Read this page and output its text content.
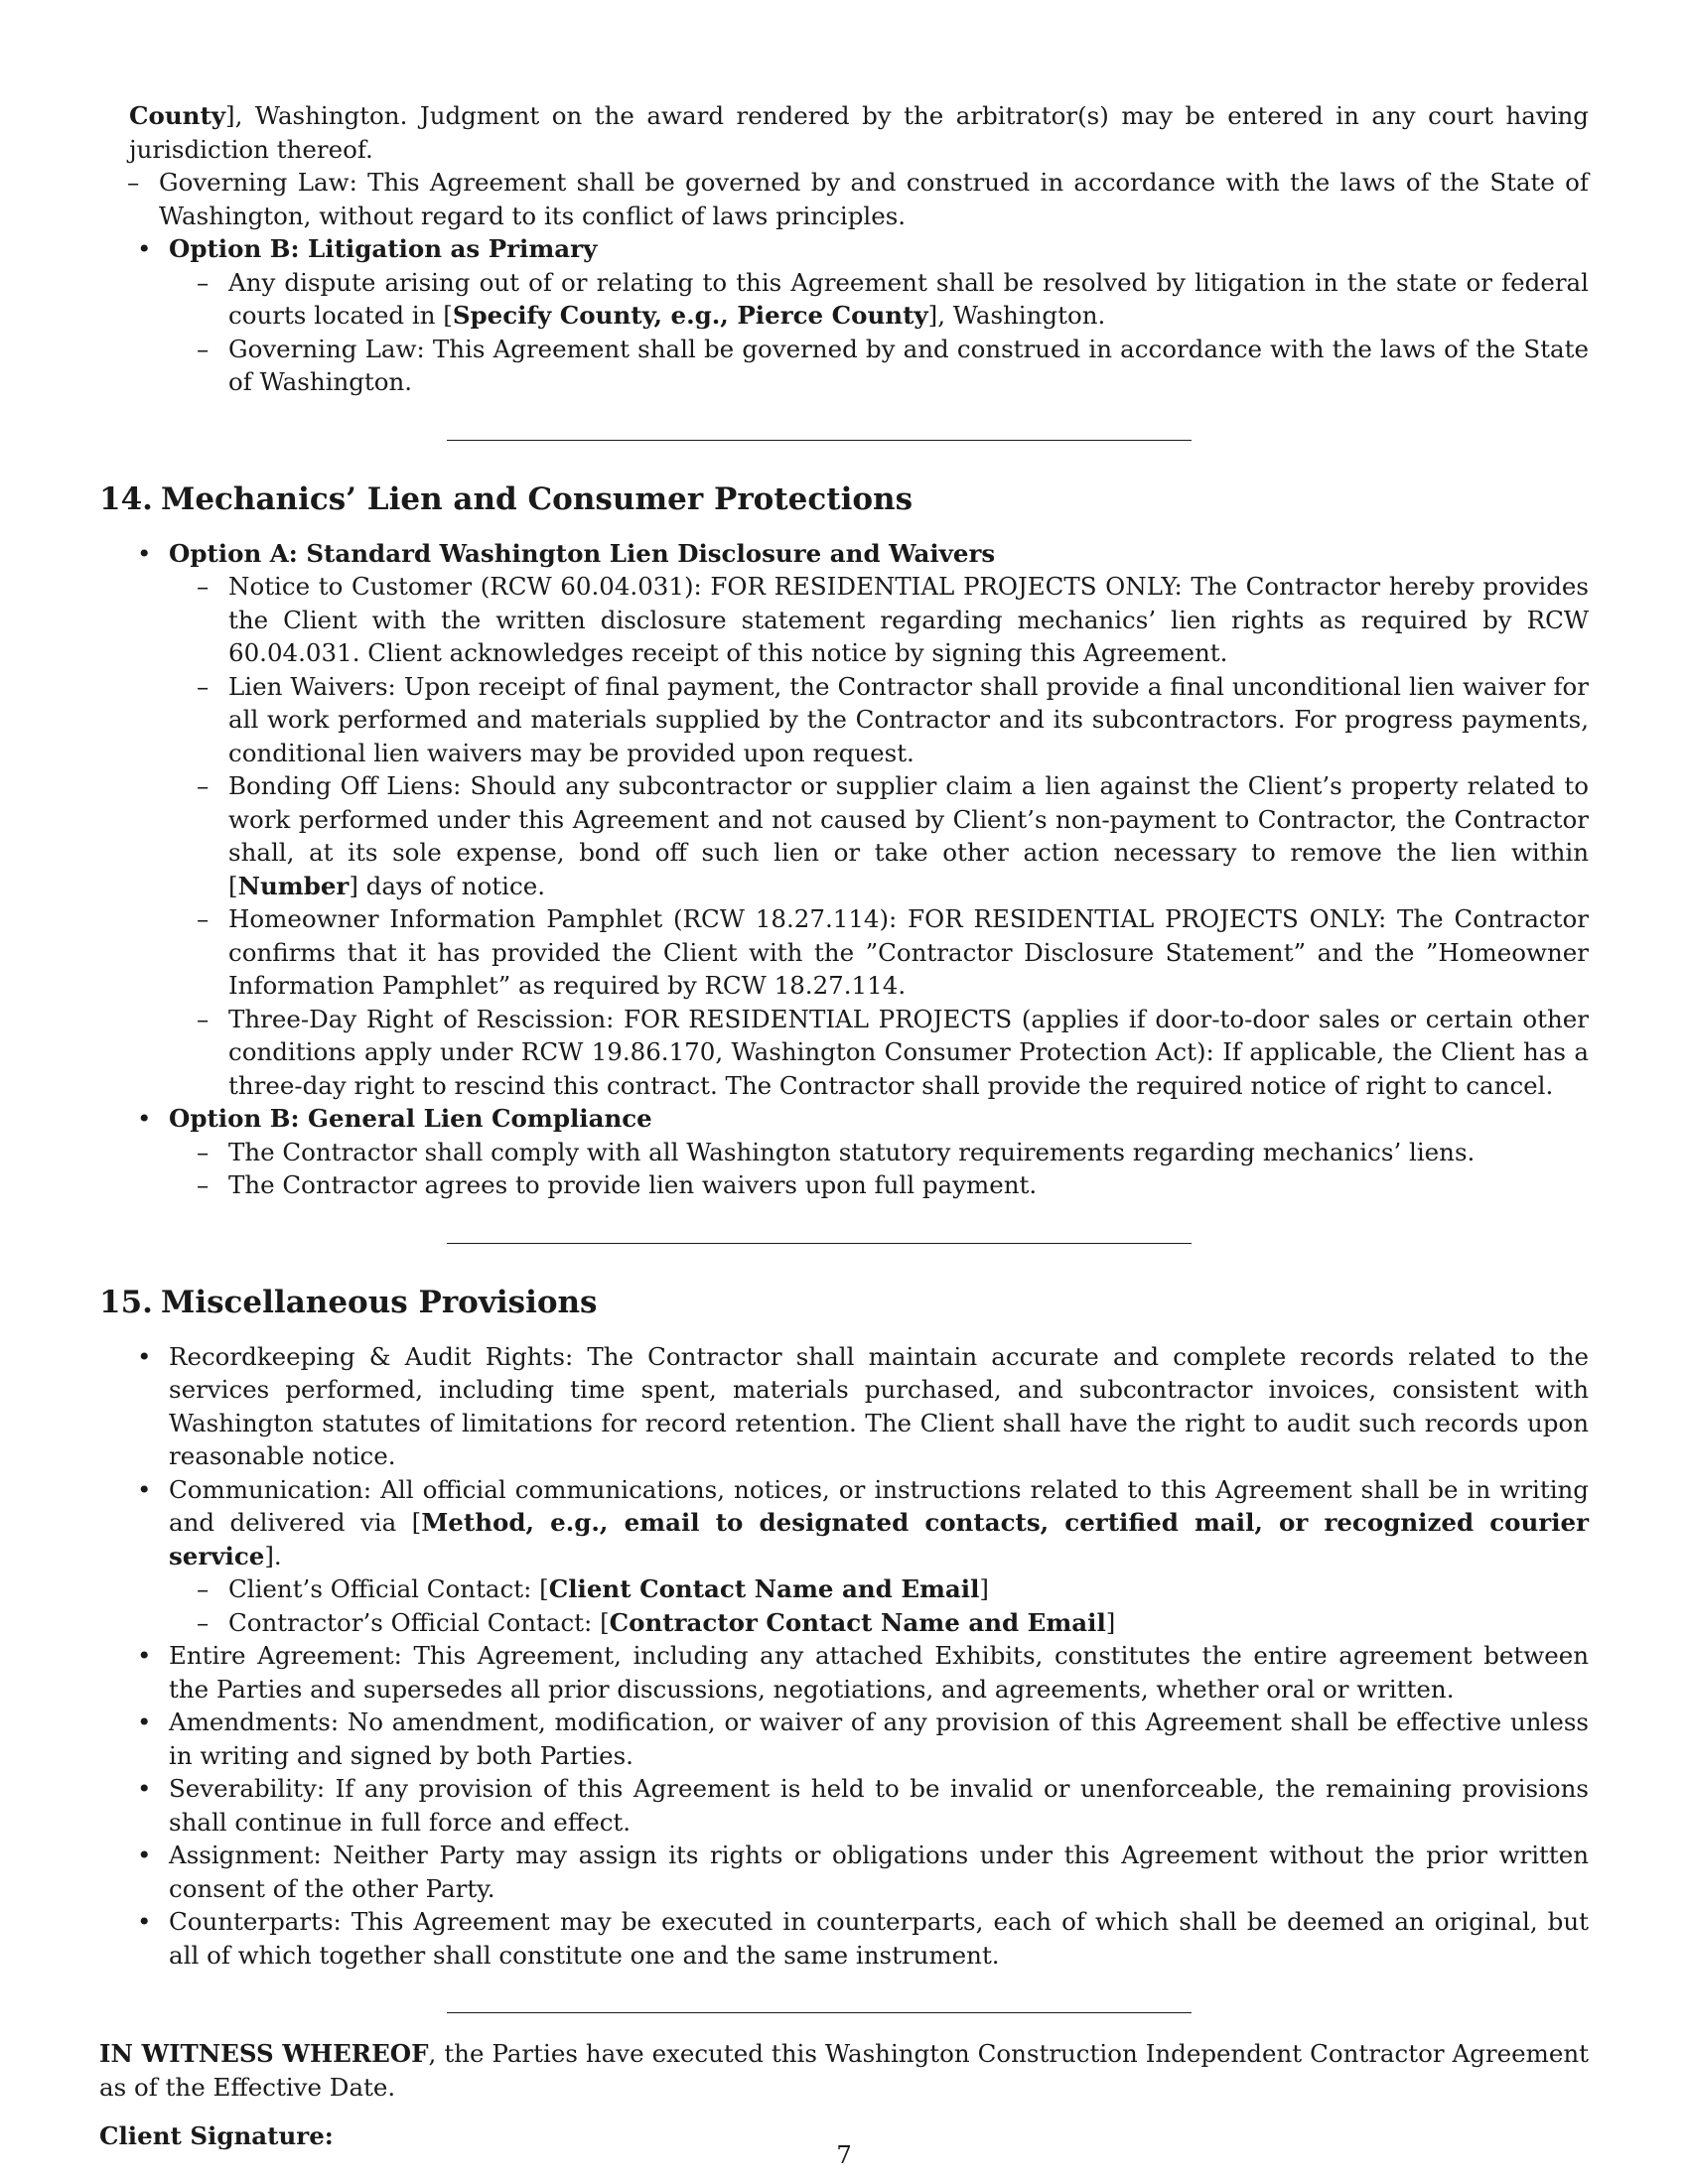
County], Washington. Judgment on the award rendered by the arbitrator(s) may be entered in any court having jurisdiction thereof.
– Governing Law: This Agreement shall be governed by and construed in accordance with the laws of the State of Washington, without regard to its conflict of laws principles.
• Option B: Litigation as Primary
– Any dispute arising out of or relating to this Agreement shall be resolved by litigation in the state or federal courts located in [Specify County, e.g., Pierce County], Washington.
– Governing Law: This Agreement shall be governed by and construed in accordance with the laws of the State of Washington.
14. Mechanics’ Lien and Consumer Protections
• Option A: Standard Washington Lien Disclosure and Waivers
– Notice to Customer (RCW 60.04.031): FOR RESIDENTIAL PROJECTS ONLY: The Contractor hereby provides the Client with the written disclosure statement regarding mechanics’ lien rights as required by RCW 60.04.031. Client acknowledges receipt of this notice by signing this Agreement.
– Lien Waivers: Upon receipt of final payment, the Contractor shall provide a final unconditional lien waiver for all work performed and materials supplied by the Contractor and its subcontractors. For progress payments, conditional lien waivers may be provided upon request.
– Bonding Off Liens: Should any subcontractor or supplier claim a lien against the Client’s property related to work performed under this Agreement and not caused by Client’s non-payment to Contractor, the Contractor shall, at its sole expense, bond off such lien or take other action necessary to remove the lien within [Number] days of notice.
– Homeowner Information Pamphlet (RCW 18.27.114): FOR RESIDENTIAL PROJECTS ONLY: The Contractor confirms that it has provided the Client with the ”Contractor Disclosure Statement” and the ”Homeowner Information Pamphlet” as required by RCW 18.27.114.
– Three-Day Right of Rescission: FOR RESIDENTIAL PROJECTS (applies if door-to-door sales or certain other conditions apply under RCW 19.86.170, Washington Consumer Protection Act): If applicable, the Client has a three-day right to rescind this contract. The Contractor shall provide the required notice of right to cancel.
• Option B: General Lien Compliance
– The Contractor shall comply with all Washington statutory requirements regarding mechanics’ liens.
– The Contractor agrees to provide lien waivers upon full payment.
15. Miscellaneous Provisions
• Recordkeeping & Audit Rights: The Contractor shall maintain accurate and complete records related to the services performed, including time spent, materials purchased, and subcontractor invoices, consistent with Washington statutes of limitations for record retention. The Client shall have the right to audit such records upon reasonable notice.
• Communication: All official communications, notices, or instructions related to this Agreement shall be in writing and delivered via [Method, e.g., email to designated contacts, certified mail, or recognized courier service].
– Client’s Official Contact: [Client Contact Name and Email]
– Contractor’s Official Contact: [Contractor Contact Name and Email]
• Entire Agreement: This Agreement, including any attached Exhibits, constitutes the entire agreement between the Parties and supersedes all prior discussions, negotiations, and agreements, whether oral or written.
• Amendments: No amendment, modification, or waiver of any provision of this Agreement shall be effective unless in writing and signed by both Parties.
• Severability: If any provision of this Agreement is held to be invalid or unenforceable, the remaining provisions shall continue in full force and effect.
• Assignment: Neither Party may assign its rights or obligations under this Agreement without the prior written consent of the other Party.
• Counterparts: This Agreement may be executed in counterparts, each of which shall be deemed an original, but all of which together shall constitute one and the same instrument.

IN WITNESS WHEREOF, the Parties have executed this Washington Construction Independent Contractor Agreement as of the Effective Date.

Client Signature:

7
